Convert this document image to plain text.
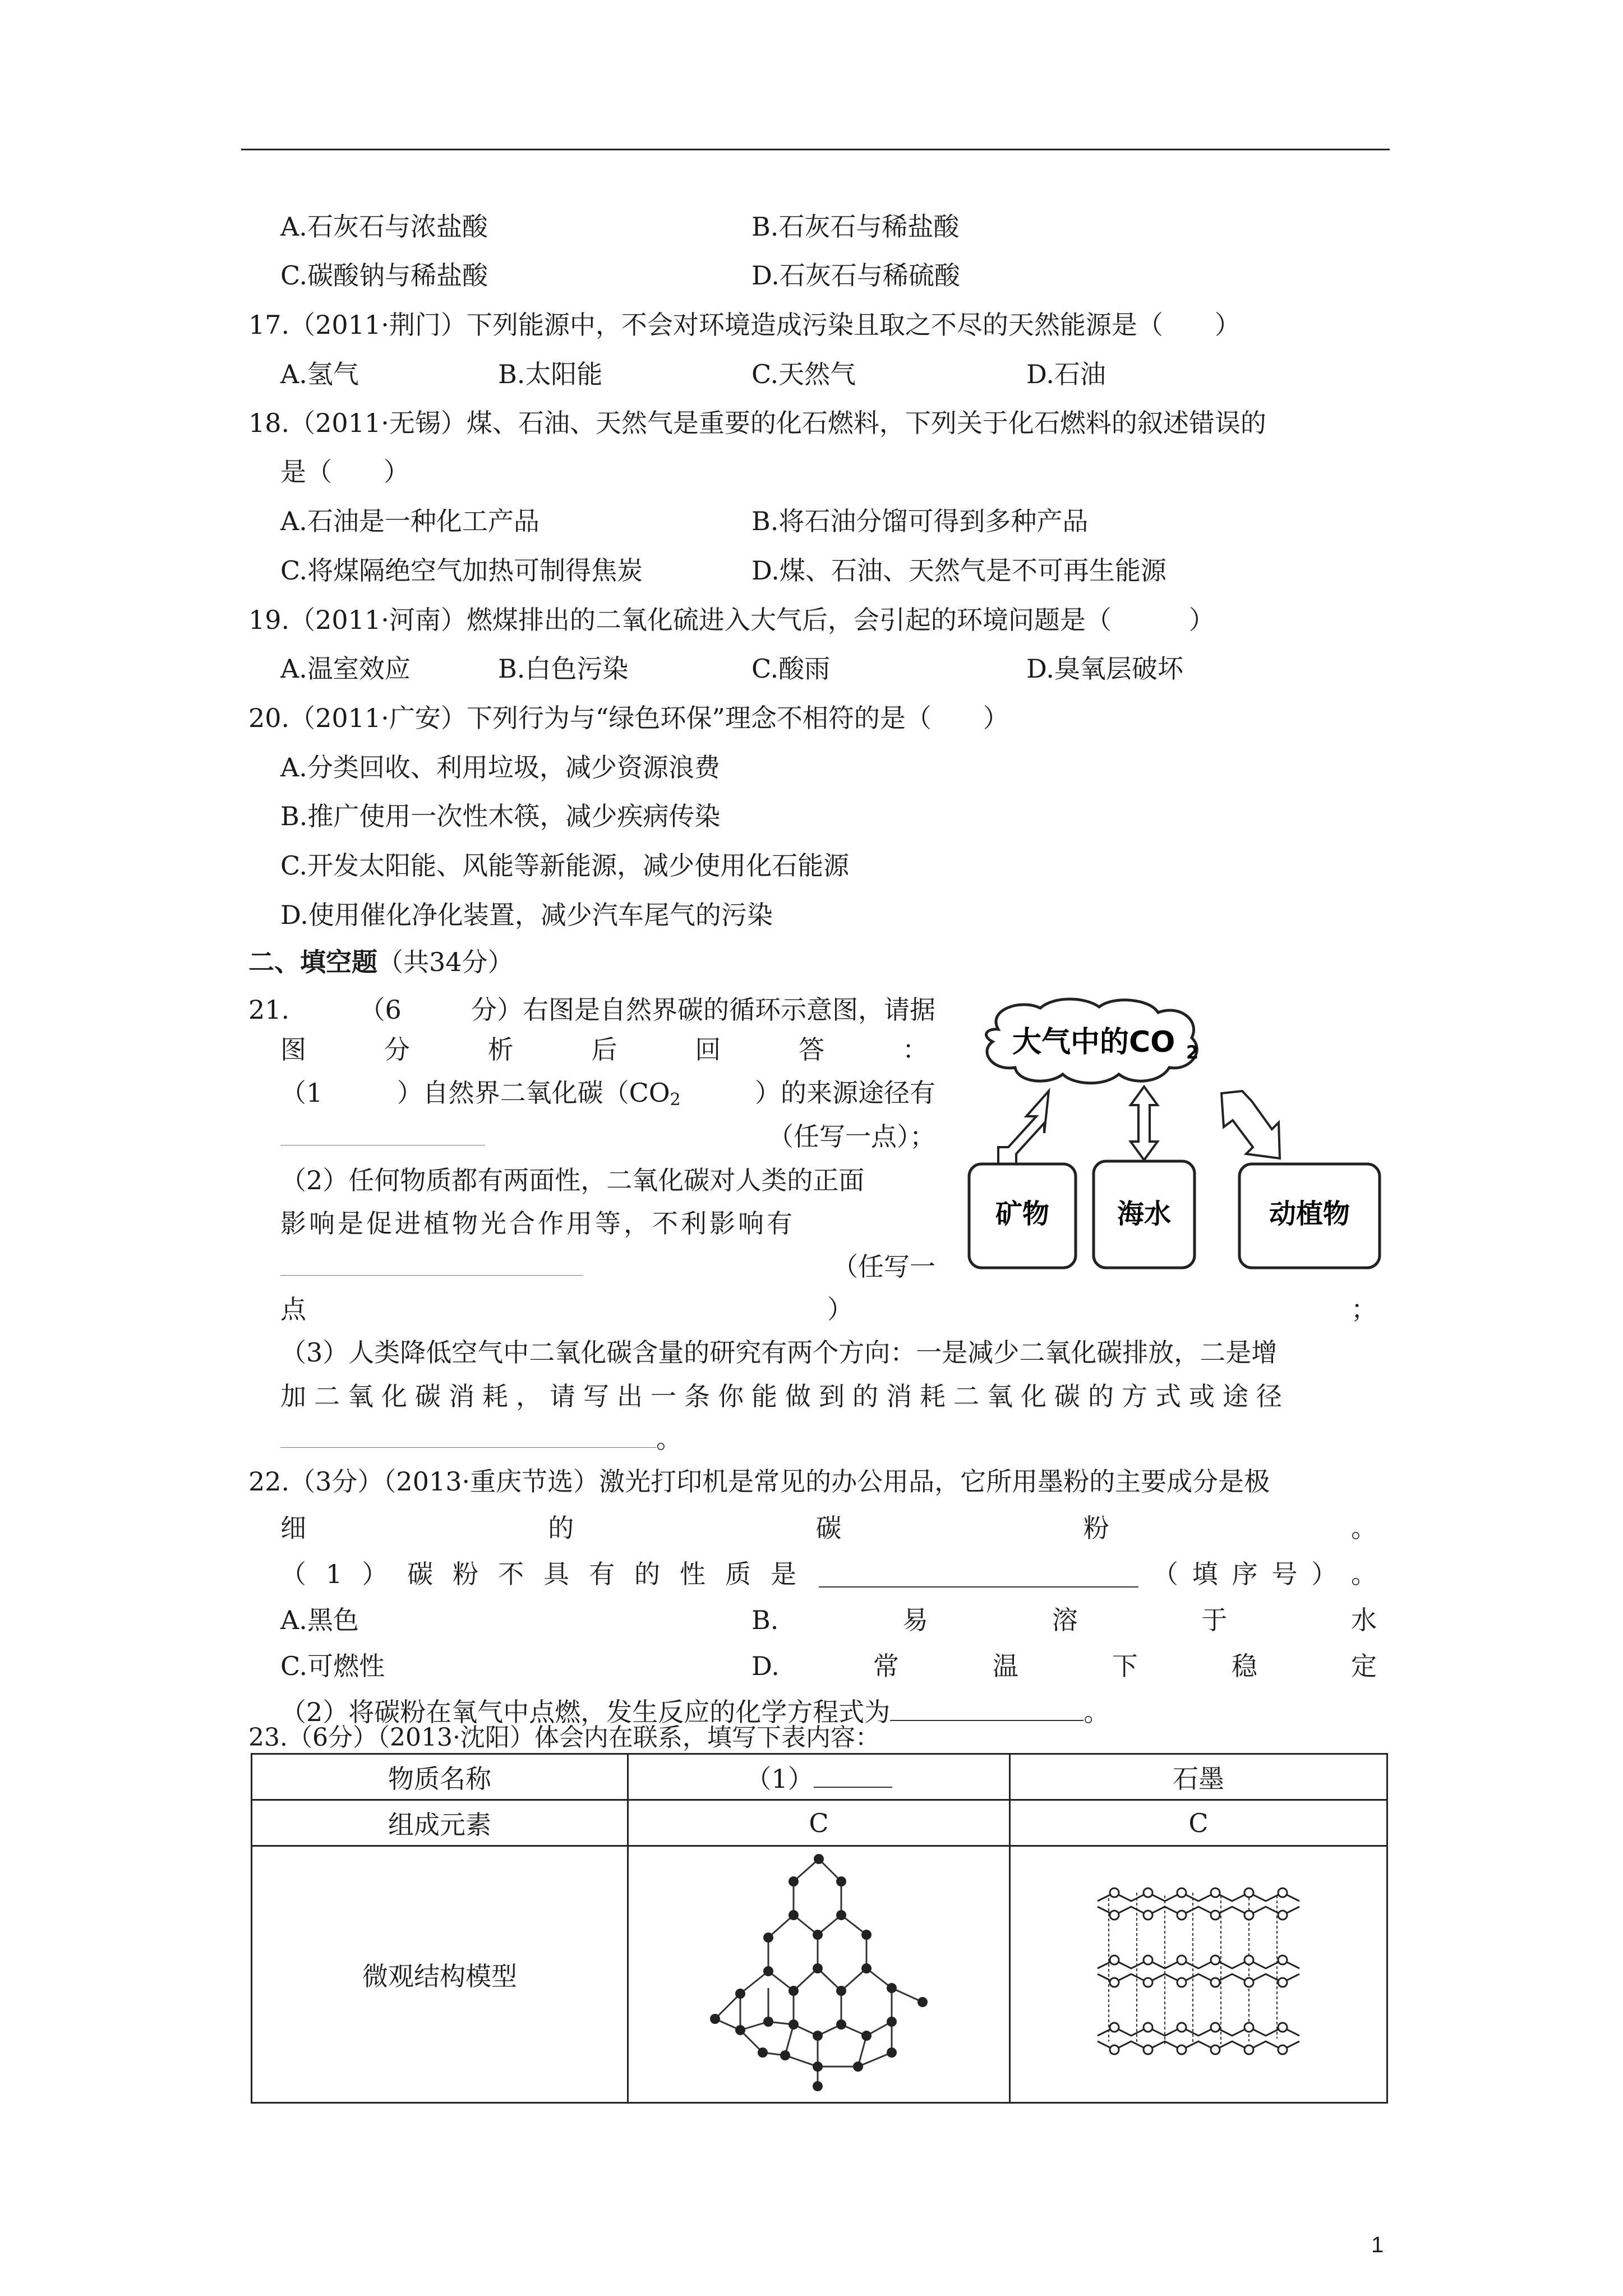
A.石灰石与浓盐酸	B.石灰石与稀盐酸
C.碳酸钠与稀盐酸	D.石灰石与稀硫酸
17.（2011·荆门）下列能源中，不会对环境造成污染且取之不尽的天然能源是（　　）
A.氢气	B.太阳能	C.天然气	D.石油
18.（2011·无锡）煤、石油、天然气是重要的化石燃料，下列关于化石燃料的叙述错误的
是（　　）
A.石油是一种化工产品	B.将石油分馏可得到多种产品
C.将煤隔绝空气加热可制得焦炭	D.煤、石油、天然气是不可再生能源
19.（2011·河南）燃煤排出的二氧化硫进入大气后，会引起的环境问题是（　　　）
A.温室效应	B.白色污染	C.酸雨	D.臭氧层破坏
20.（2011·广安）下列行为与“绿色环保”理念不相符的是（　　）
A.分类回收、利用垃圾，减少资源浪费
B.推广使用一次性木筷，减少疾病传染
C.开发太阳能、风能等新能源，减少使用化石能源
D.使用催化净化装置，减少汽车尾气的污染
二、填空题（共34分）
21.	（6	分）右图是自然界碳的循环示意图，请据
图	分	析	后	回	答	：
（1	）自然界二氧化碳（$CO_2$	）的来源途径有
（任写一点）；
（2）任何物质都有两面性，二氧化碳对人类的正面
影响是促进植物光合作用等，不利影响有
（任写一
点	）	；
（3）人类降低空气中二氧化碳含量的研究有两个方向：一是减少二氧化碳排放，二是增
加二氧化碳消耗，请写出一条你能做到的消耗二氧化碳的方式或途径
。
大气中的CO 2
矿物	海水	动植物
22.（3分）（2013·重庆节选）激光打印机是常见的办公用品，它所用墨粉的主要成分是极
细	的	碳	粉	。
（ 1 ） 碳 粉 不 具 有 的 性 质 是	（ 填 序 号 ） 。
A.黑色	B.	易	溶	于	水
C.可燃性	D.	常	温	下	稳	定
（2）将碳粉在氧气中点燃，发生反应的化学方程式为	。
23.（6分）（2013·沈阳）体会内在联系，填写下表内容：
物质名称	（1）	石墨
组成元素	C	C
微观结构模型		
1
